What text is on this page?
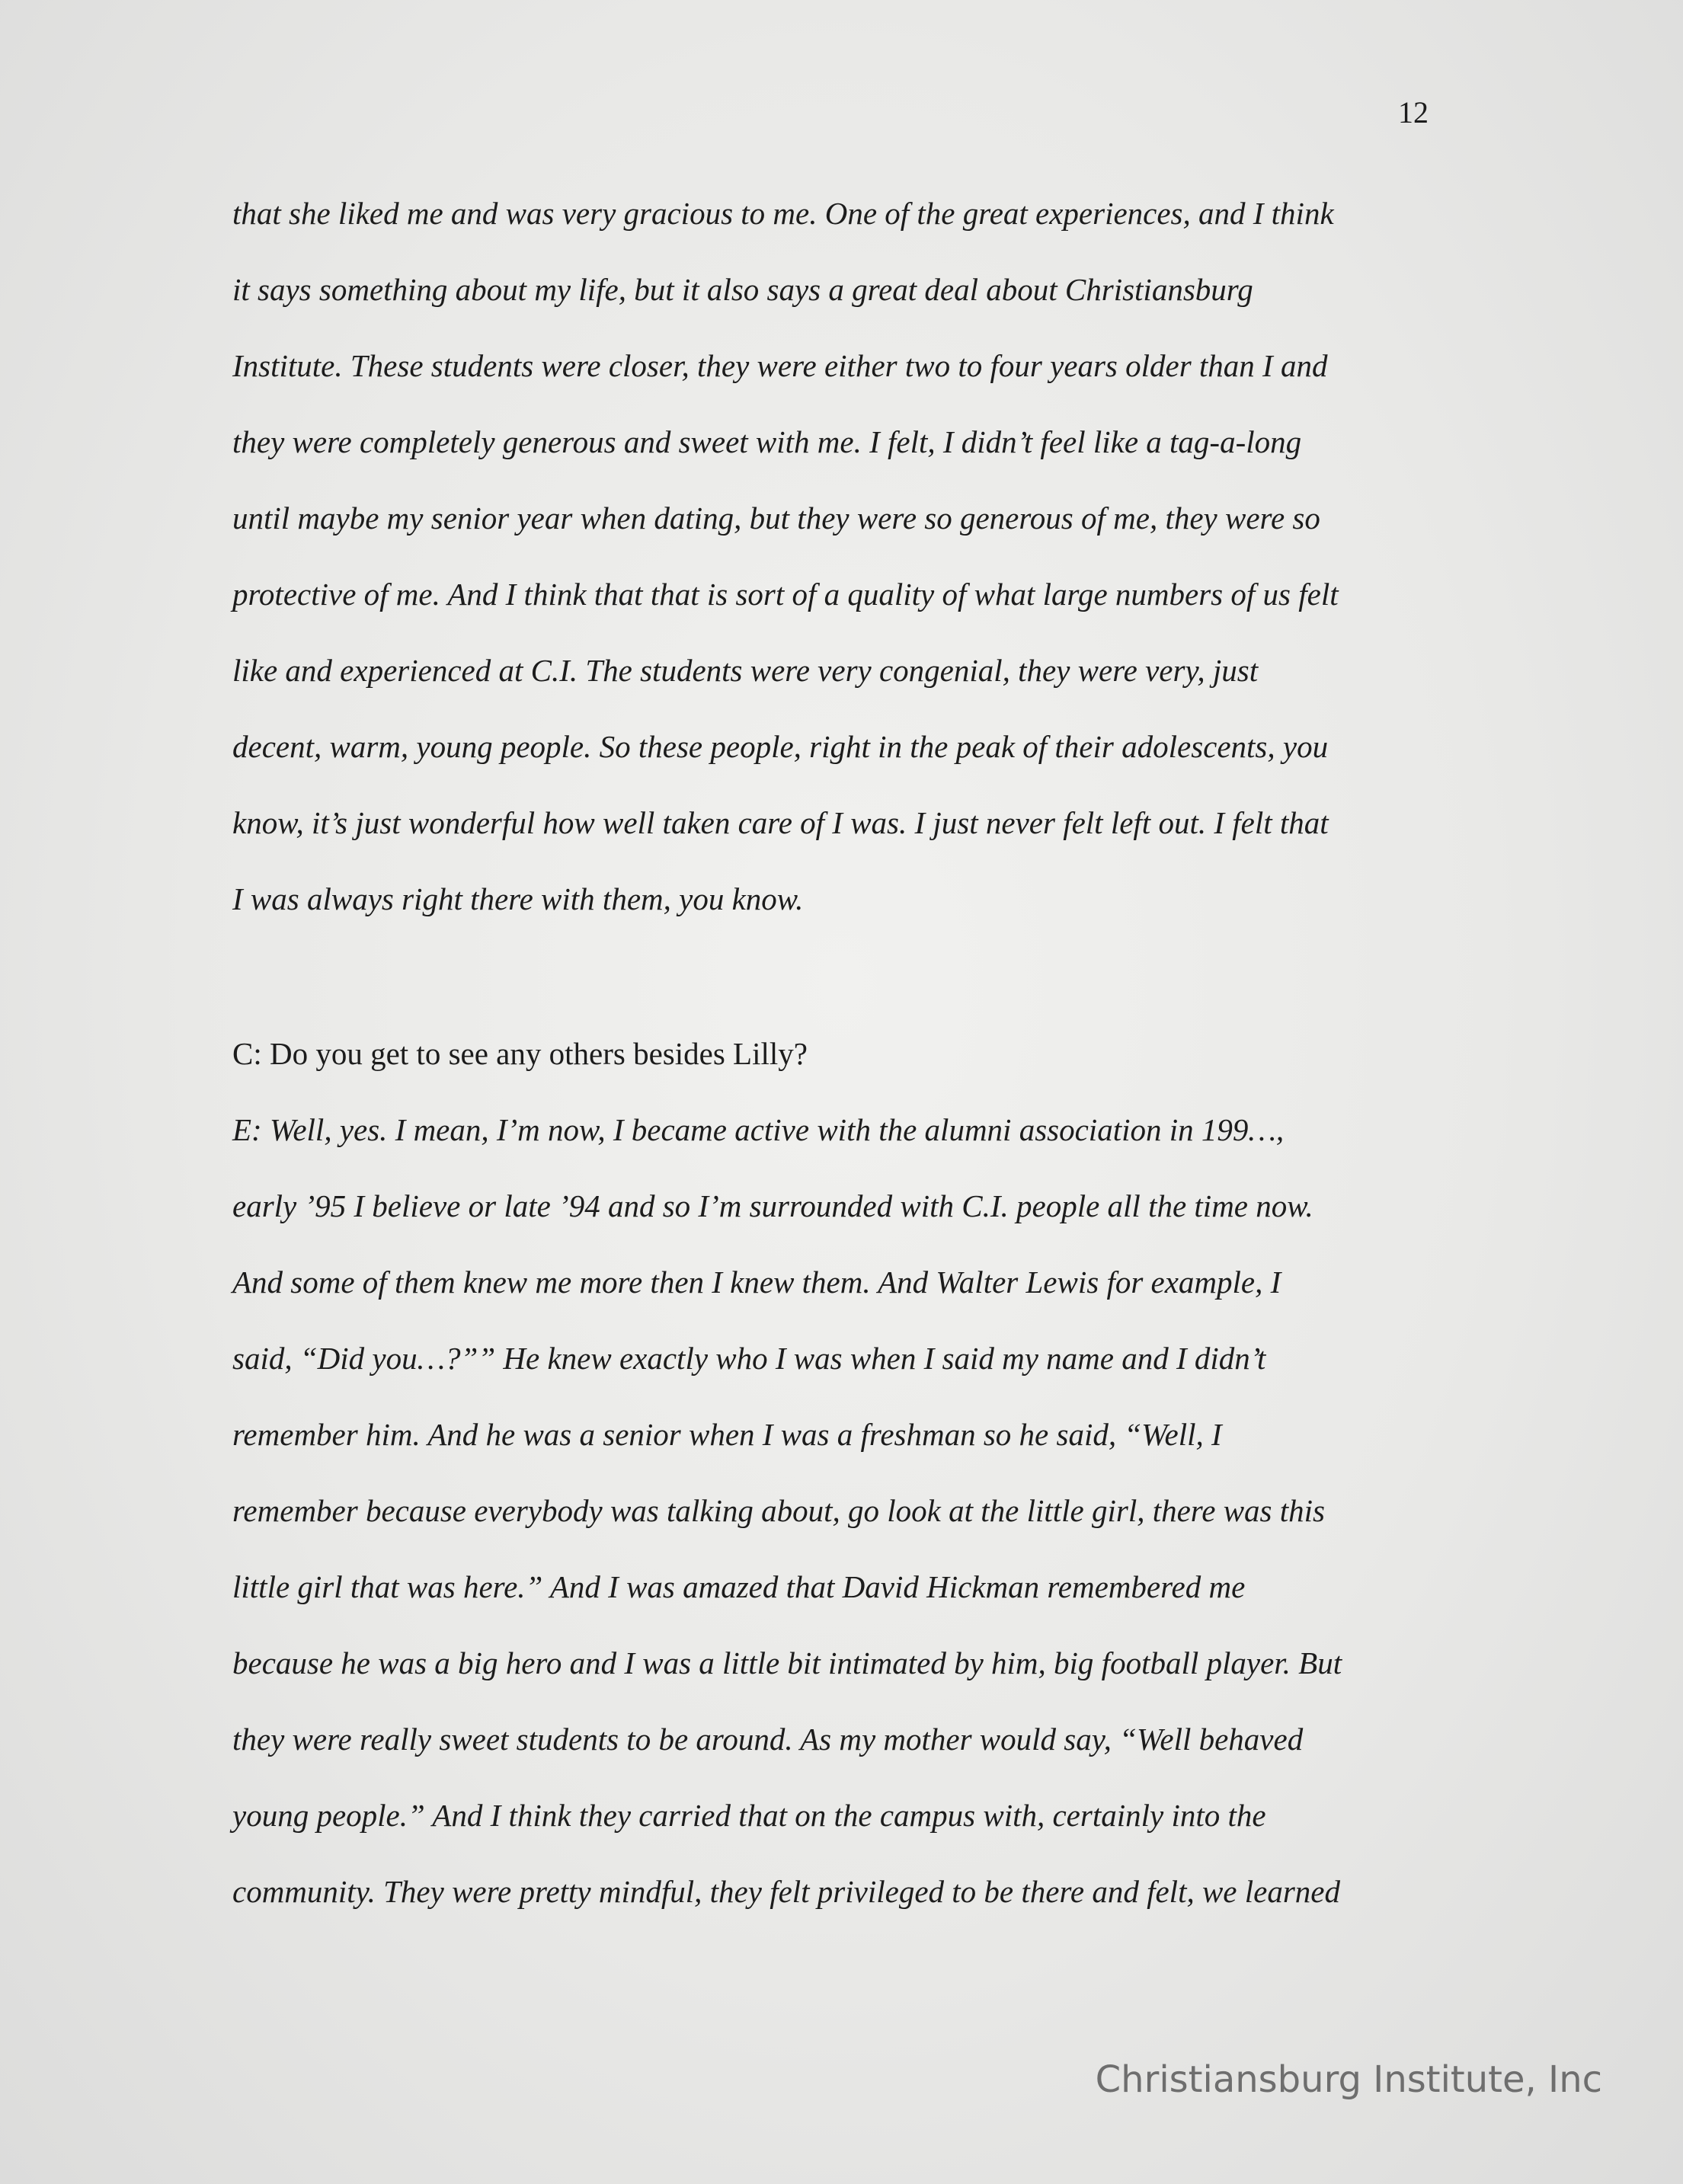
12
that she liked me and was very gracious to me. One of the great experiences, and I think
it says something about my life, but it also says a great deal about Christiansburg
Institute. These students were closer, they were either two to four years older than I and
they were completely generous and sweet with me. I felt, I didn’t feel like a tag-a-long
until maybe my senior year when dating, but they were so generous of me, they were so
protective of me. And I think that that is sort of a quality of what large numbers of us felt
like and experienced at C.I. The students were very congenial, they were very, just
decent, warm, young people. So these people, right in the peak of their adolescents, you
know, it’s just wonderful how well taken care of I was. I just never felt left out. I felt that
I was always right there with them, you know.
C: Do you get to see any others besides Lilly?
E: Well, yes. I mean, I’m now, I became active with the alumni association in 199…,
early ’95 I believe or late ’94 and so I’m surrounded with C.I. people all the time now.
And some of them knew me more then I knew them. And Walter Lewis for example, I
said, “Did you…?”” He knew exactly who I was when I said my name and I didn’t
remember him. And he was a senior when I was a freshman so he said, “Well, I
remember because everybody was talking about, go look at the little girl, there was this
little girl that was here.” And I was amazed that David Hickman remembered me
because he was a big hero and I was a little bit intimated by him, big football player. But
they were really sweet students to be around. As my mother would say, “Well behaved
young people.” And I think they carried that on the campus with, certainly into the
community. They were pretty mindful, they felt privileged to be there and felt, we learned
Christiansburg Institute, Inc
